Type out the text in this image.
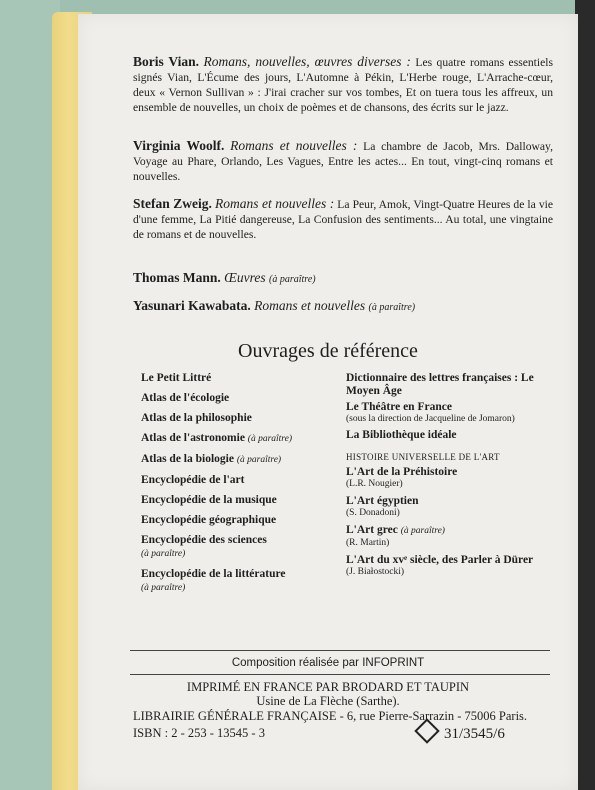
Boris Vian. Romans, nouvelles, œuvres diverses : Les quatre romans essentiels signés Vian, L'Écume des jours, L'Automne à Pékin, L'Herbe rouge, L'Arrache-cœur, deux « Vernon Sullivan » : J'irai cracher sur vos tombes, Et on tuera tous les affreux, un ensemble de nouvelles, un choix de poèmes et de chansons, des écrits sur le jazz.
Virginia Woolf. Romans et nouvelles : La chambre de Jacob, Mrs. Dalloway, Voyage au Phare, Orlando, Les Vagues, Entre les actes... En tout, vingt-cinq romans et nouvelles.
Stefan Zweig. Romans et nouvelles : La Peur, Amok, Vingt-Quatre Heures de la vie d'une femme, La Pitié dangereuse, La Confusion des sentiments... Au total, une vingtaine de romans et de nouvelles.
Thomas Mann. Œuvres (à paraître)
Yasunari Kawabata. Romans et nouvelles (à paraître)
Ouvrages de référence
Le Petit Littré
Atlas de l'écologie
Atlas de la philosophie
Atlas de l'astronomie (à paraître)
Atlas de la biologie (à paraître)
Encyclopédie de l'art
Encyclopédie de la musique
Encyclopédie géographique
Encyclopédie des sciences
(à paraître)
Encyclopédie de la littérature
(à paraître)
Dictionnaire des lettres françaises : Le Moyen Âge
Le Théâtre en France
(sous la direction de Jacqueline de Jomaron)
La Bibliothèque idéale
HISTOIRE UNIVERSELLE DE L'ART
L'Art de la Préhistoire
(L.R. Nougier)
L'Art égyptien
(S. Donadoni)
L'Art grec (à paraître)
(R. Martin)
L'Art du xvᵉ siècle, des Parler à Dürer
(J. Białostocki)
Composition réalisée par INFOPRINT
IMPRIMÉ EN FRANCE PAR BRODARD ET TAUPIN
Usine de La Flèche (Sarthe).
LIBRAIRIE GÉNÉRALE FRANÇAISE - 6, rue Pierre-Sarrazin - 75006 Paris.
ISBN : 2 - 253 - 13545 - 3	31/3545/6
